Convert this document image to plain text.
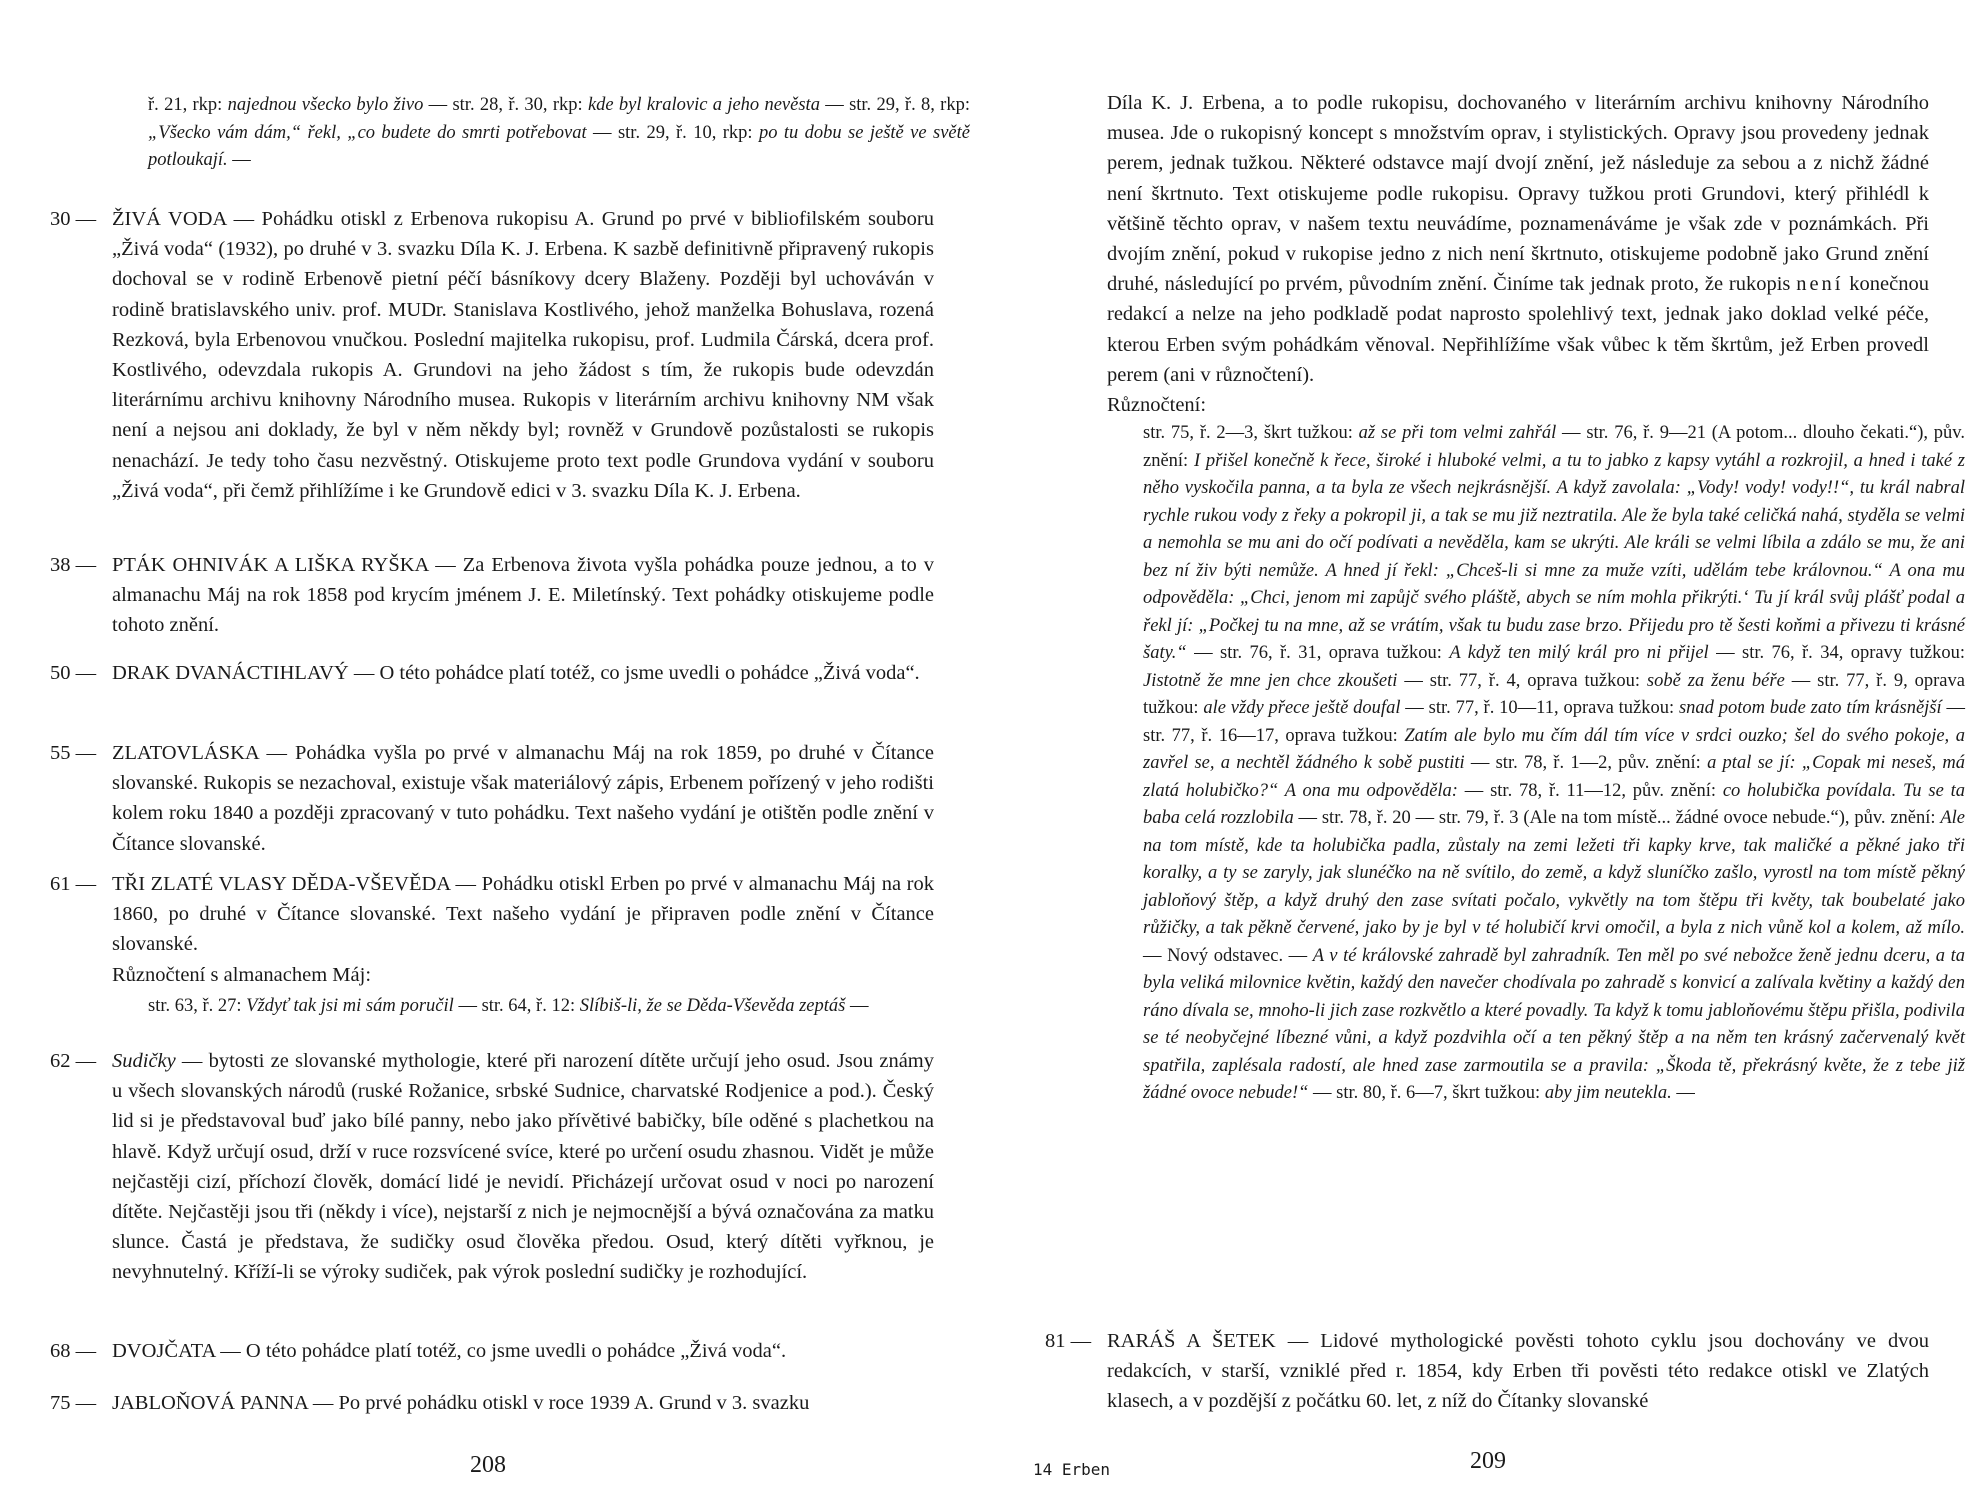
ř. 21, rkp: najednou všecko bylo živo — str. 28, ř. 30, rkp: kde byl kralovic a jeho nevěsta — str. 29, ř. 8, rkp: „Všecko vám dám,“ řekl, „co budete do smrti potřebovat — str. 29, ř. 10, rkp: po tu dobu se ještě ve světě potloukají. —
30 — ŽIVÁ VODA — Pohádku otiskl z Erbenova rukopisu A. Grund po prvé v bibliofilském souboru „Živá voda“ (1932), po druhé v 3. svazku Díla K. J. Erbena. K sazbě definitivně připravený rukopis dochoval se v rodině Erbenově pietní péčí básníkovy dcery Blaženy. Později byl uchováván v rodině bratislavského univ. prof. MUDr. Stanislava Kostlivého, jehož manželka Bohuslava, rozená Rezková, byla Erbenovou vnučkou. Poslední majitelka rukopisu, prof. Ludmila Čárská, dcera prof. Kostlivého, odevzdala rukopis A. Grundovi na jeho žádost s tím, že rukopis bude odevzdán literárnímu archivu knihovny Národního musea. Rukopis v literárním archivu knihovny NM však není a nejsou ani doklady, že byl v něm někdy byl; rovněž v Grundově pozůstalosti se rukopis nenachází. Je tedy toho času nezvěstný. Otiskujeme proto text podle Grundova vydání v souboru „Živá voda“, při čemž přihlížíme i ke Grundově edici v 3. svazku Díla K. J. Erbena.
38 — PTÁK OHNIVÁK A LIŠKA RYŠKA — Za Erbenova života vyšla pohádka pouze jednou, a to v almanachu Máj na rok 1858 pod krycím jménem J. E. Miletínský. Text pohádky otiskujeme podle tohoto znění.
50 — DRAK DVANÁCTIHLAVÝ — O této pohádce platí totéž, co jsme uvedli o pohádce „Živá voda“.
55 — ZLATOVLÁSKA — Pohádka vyšla po prvé v almanachu Máj na rok 1859, po druhé v Čítance slovanské. Rukopis se nezachoval, existuje však materiálový zápis, Erbenem pořízený v jeho rodišti kolem roku 1840 a později zpracovaný v tuto pohádku. Text našeho vydání je otištěn podle znění v Čítance slovanské.
61 — TŘI ZLATÉ VLASY DĚDA-VŠEVĚDA — Pohádku otiskl Erben po prvé v almanachu Máj na rok 1860, po druhé v Čítance slovanské. Text našeho vydání je připraven podle znění v Čítance slovanské.
Různočtení s almanachem Máj:
str. 63, ř. 27: Vždyť tak jsi mi sám poručil — str. 64, ř. 12: Slíbiš-li, že se Děda-Vševěda zeptáš —
62 — Sudičky — bytosti ze slovanské mythologie, které při narození dítěte určují jeho osud. Jsou známy u všech slovanských národů (ruské Rožanice, srbské Sudnice, charvatské Rodjenice a pod.). Český lid si je představoval buď jako bílé panny, nebo jako přívětivé babičky, bíle oděné s plachetkou na hlavě. Když určují osud, drží v ruce rozsvícené svíce, které po určení osudu zhasnou. Vidět je může nejčastěji cizí, příchozí člověk, domácí lidé je nevidí. Přicházejí určovat osud v noci po narození dítěte. Nejčastěji jsou tři (někdy i více), nejstarší z nich je nejmocnější a bývá označována za matku slunce. Častá je představa, že sudičky osud člověka předou. Osud, který dítěti vyřknou, je nevyhnutelný. Kříží-li se výroky sudiček, pak výrok poslední sudičky je rozhodující.
68 — DVOJČATA — O této pohádce platí totéž, co jsme uvedli o pohádce „Živá voda“.
75 — JABLOŇOVÁ PANNA — Po prvé pohádku otiskl v roce 1939 A. Grund v 3. svazku
208
Díla K. J. Erbena, a to podle rukopisu, dochovaného v literárním archivu knihovny Národního musea. Jde o rukopisný koncept s množstvím oprav, i stylistických. Opravy jsou provedeny jednak perem, jednak tužkou. Některé odstavce mají dvojí znění, jež následuje za sebou a z nichž žádné není škrtnuto. Text otiskujeme podle rukopisu. Opravy tužkou proti Grundovi, který přihlédl k většině těchto oprav, v našem textu neuvádíme, poznamenáváme je však zde v poznámkách. Při dvojím znění, pokud v rukopise jedno z nich není škrtnuto, otiskujeme podobně jako Grund znění druhé, následující po prvém, původním znění. Činíme tak jednak proto, že rukopis není konečnou redakcí a nelze na jeho podkladě podat naprosto spolehlivý text, jednak jako doklad velké péče, kterou Erben svým pohádkám věnoval. Nepřihlížíme však vůbec k těm škrtům, jež Erben provedl perem (ani v různočtení).
Různočtení:
str. 75, ř. 2—3, škrt tužkou: až se při tom velmi zahřál — str. 76, ř. 9—21 (A potom... dlouho čekati.“), pův. znění: I přišel konečně k řece, široké i hluboké velmi, a tu to jabko z kapsy vytáhl a rozkrojil, a hned i také z něho vyskočila panna, a ta byla ze všech nejkrásnější. A když zavolala: „Vody! vody! vody!!“, tu král nabral rychle rukou vody z řeky a pokropil ji, a tak se mu již neztratila. Ale že byla také celičká nahá, styděla se velmi a nemohla se mu ani do očí podívati a nevěděla, kam se ukrýti. Ale králi se velmi líbila a zdálo se mu, že ani bez ní živ býti nemůže. A hned jí řekl: „Chceš-li si mne za muže vzíti, udělám tebe královnou.“ A ona mu odpověděla: „Chci, jenom mi zapůjč svého pláště, abych se ním mohla přikrýti.‘ Tu jí král svůj plášť podal a řekl jí: „Počkej tu na mne, až se vrátím, však tu budu zase brzo. Přijedu pro tě šesti koňmi a přivezu ti krásné šaty.“ — str. 76, ř. 31, oprava tužkou: A když ten milý král pro ni přijel — str. 76, ř. 34, opravy tužkou: Jistotně že mne jen chce zkoušeti — str. 77, ř. 4, oprava tužkou: sobě za ženu béře — str. 77, ř. 9, oprava tužkou: ale vždy přece ještě doufal — str. 77, ř. 10—11, oprava tužkou: snad potom bude zato tím krásnější — str. 77, ř. 16—17, oprava tužkou: Zatím ale bylo mu čím dál tím více v srdci ouzko; šel do svého pokoje, a zavřel se, a nechtěl žádného k sobě pustiti — str. 78, ř. 1—2, pův. znění: a ptal se jí: „Copak mi neseš, má zlatá holubičko?“ A ona mu odpověděla: — str. 78, ř. 11—12, pův. znění: co holubička povídala. Tu se ta baba celá rozzlobila — str. 78, ř. 20 — str. 79, ř. 3 (Ale na tom místě... žádné ovoce nebude.“), pův. znění: Ale na tom místě, kde ta holubička padla, zůstaly na zemi ležeti tři kapky krve, tak maličké a pěkné jako tři koralky, a ty se zaryly, jak slunéčko na ně svítilo, do země, a když sluníčko zašlo, vyrostl na tom místě pěkný jabloňový štěp, a když druhý den zase svítati počalo, vykvětly na tom štěpu tři květy, tak boubelaté jako růžičky, a tak pěkně červené, jako by je byl v té holubičí krvi omočil, a byla z nich vůně kol a kolem, až mílo. — Nový odstavec. — A v té královské zahradě byl zahradník. Ten měl po své nebožce ženě jednu dceru, a ta byla veliká milovnice květin, každý den navečer chodívala po zahradě s konvicí a zalívala květiny a každý den ráno dívala se, mnoho-li jich zase rozkvětlo a které povadly. Ta když k tomu jabloňovému štěpu přišla, podivila se té neobyčejné líbezné vůni, a když pozdvihla očí a ten pěkný štěp a na něm ten krásný začervenalý květ spatřila, zaplésala radostí, ale hned zase zarmoutila se a pravila: „Škoda tě, překrásný květe, že z tebe již žádné ovoce nebude!“ — str. 80, ř. 6—7, škrt tužkou: aby jim neutekla. —
81 — RARÁŠ A ŠETEK — Lidové mythologické pověsti tohoto cyklu jsou dochovány ve dvou redakcích, v starší, vzniklé před r. 1854, kdy Erben tři pověsti této redakce otiskl ve Zlatých klasech, a v pozdější z počátku 60. let, z níž do Čítanky slovanské
14 Erben	209
